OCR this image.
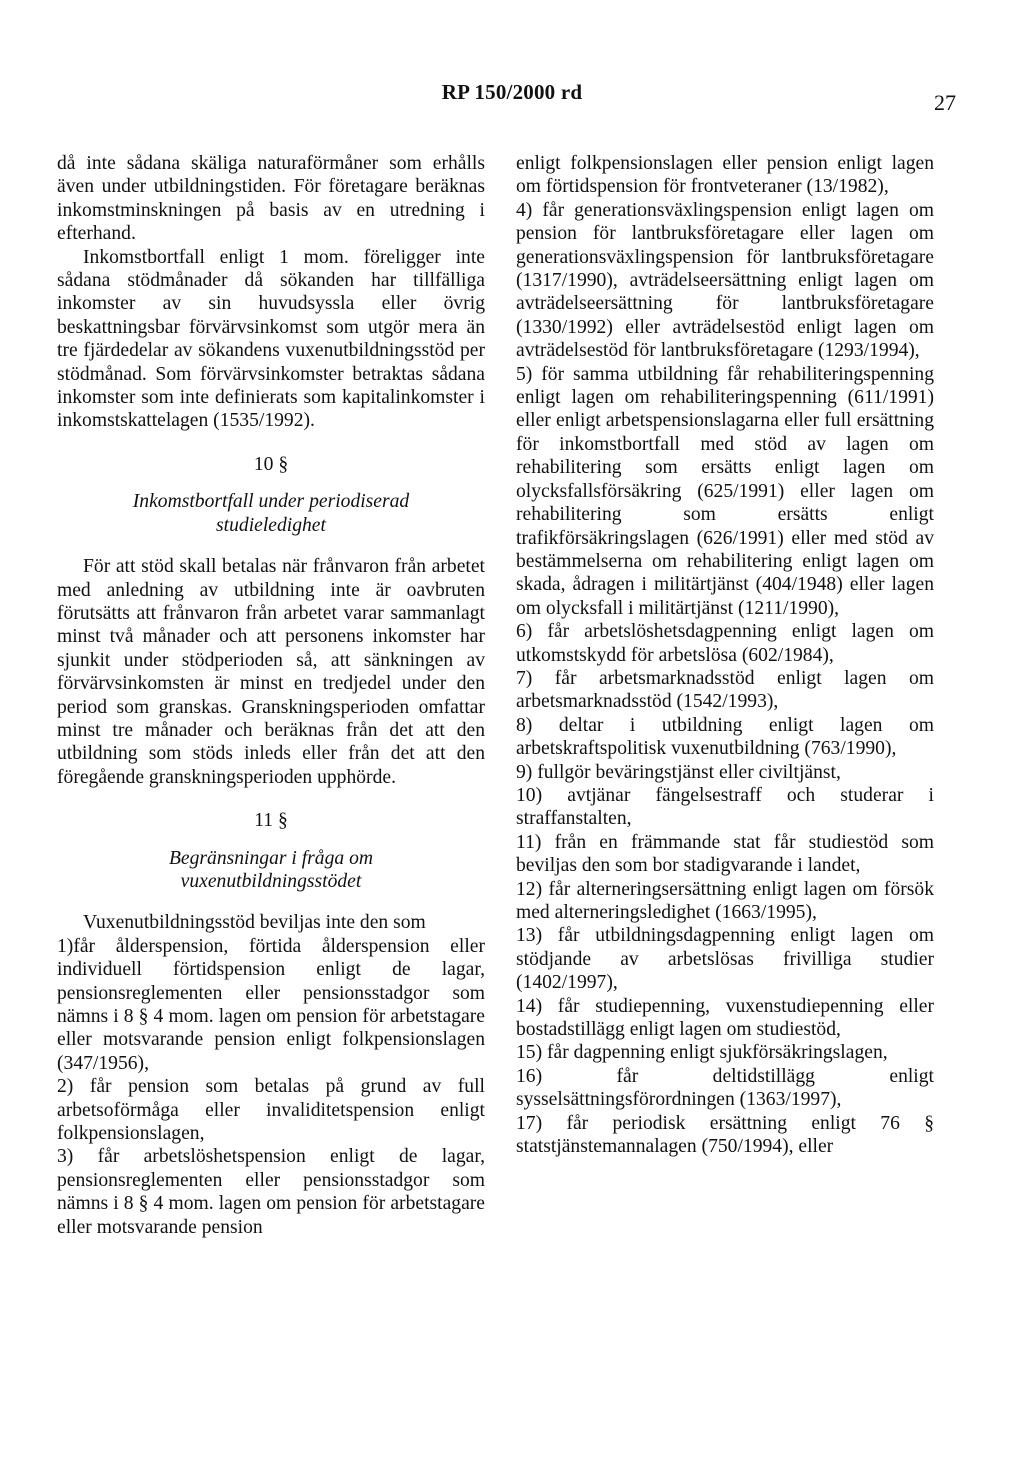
RP 150/2000 rd	27

då inte sådana skäliga naturaförmåner som erhålls även under utbildningstiden. För företagare beräknas inkomstminskningen på basis av en utredning i efterhand.

Inkomstbortfall enligt 1 mom. föreligger inte sådana stödmånader då sökanden har tillfälliga inkomster av sin huvudsyssla eller övrig beskattningsbar förvärvsinkomst som utgör mera än tre fjärdedelar av sökandens vuxenutbildningsstöd per stödmånad. Som förvärvsinkomster betraktas sådana inkomster som inte definierats som kapitalinkomster i inkomstskattelagen (1535/1992).

10 §
Inkomstbortfall under periodiserad studieledighet

För att stöd skall betalas när frånvaron från arbetet med anledning av utbildning inte är oavbruten förutsätts att frånvaron från arbetet varar sammanlagt minst två månader och att personens inkomster har sjunkit under stödperioden så, att sänkningen av förvärvsinkomsten är minst en tredjedel under den period som granskas. Granskningsperioden omfattar minst tre månader och beräknas från det att den utbildning som stöds inleds eller från det att den föregående granskningsperioden upphörde.

11 §
Begränsningar i fråga om vuxenutbildningsstödet

Vuxenutbildningsstöd beviljas inte den som

1)får ålderspension, förtida ålderspension eller individuell förtidspension enligt de lagar, pensionsreglementen eller pensionsstadgor som nämns i 8 § 4 mom. lagen om pension för arbetstagare eller motsvarande pension enligt folkpensionslagen (347/1956),
2) får pension som betalas på grund av full arbetsoförmåga eller invaliditetspension enligt folkpensionslagen,
3) får arbetslöshetspension enligt de lagar, pensionsreglementen eller pensionsstadgor som nämns i 8 § 4 mom. lagen om pension för arbetstagare eller motsvarande pension

enligt folkpensionslagen eller pension enligt lagen om förtidspension för frontveteraner (13/1982),

4) får generationsväxlingspension enligt lagen om pension för lantbruksföretagare eller lagen om generationsväxlingspension för lantbruksföretagare (1317/1990), avträdelseersättning enligt lagen om avträdelseersättning för lantbruksföretagare (1330/1992) eller avträdelsestöd enligt lagen om avträdelsestöd för lantbruksföretagare (1293/1994),
5) för samma utbildning får rehabiliteringspenning enligt lagen om rehabiliteringspenning (611/1991) eller enligt arbetspensionslagarna eller full ersättning för inkomstbortfall med stöd av lagen om rehabilitering som ersätts enligt lagen om olycksfallsförsäkring (625/1991) eller lagen om rehabilitering som ersätts enligt trafikförsäkringslagen (626/1991) eller med stöd av bestämmelserna om rehabilitering enligt lagen om skada, ådragen i militärtjänst (404/1948) eller lagen om olycksfall i militärtjänst (1211/1990),
6) får arbetslöshetsdagpenning enligt lagen om utkomstskydd för arbetslösa (602/1984),
7) får arbetsmarknadsstöd enligt lagen om arbetsmarknadsstöd (1542/1993),
8) deltar i utbildning enligt lagen om arbetskraftspolitisk vuxenutbildning (763/1990),
9) fullgör beväringstjänst eller civiltjänst,
10) avtjänar fängelsestraff och studerar i straffanstalten,
11) från en främmande stat får studiestöd som beviljas den som bor stadigvarande i landet,
12) får alterneringsersättning enligt lagen om försök med alterneringsledighet (1663/1995),
13) får utbildningsdagpenning enligt lagen om stödjande av arbetslösas frivilliga studier (1402/1997),
14) får studiepenning, vuxenstudiepenning eller bostadstillägg enligt lagen om studiestöd,
15) får dagpenning enligt sjukförsäkringslagen,
16) får deltidstillägg enligt sysselsättningsförordningen (1363/1997),
17) får periodisk ersättning enligt 76 § statstjänstemannalagen (750/1994), eller
